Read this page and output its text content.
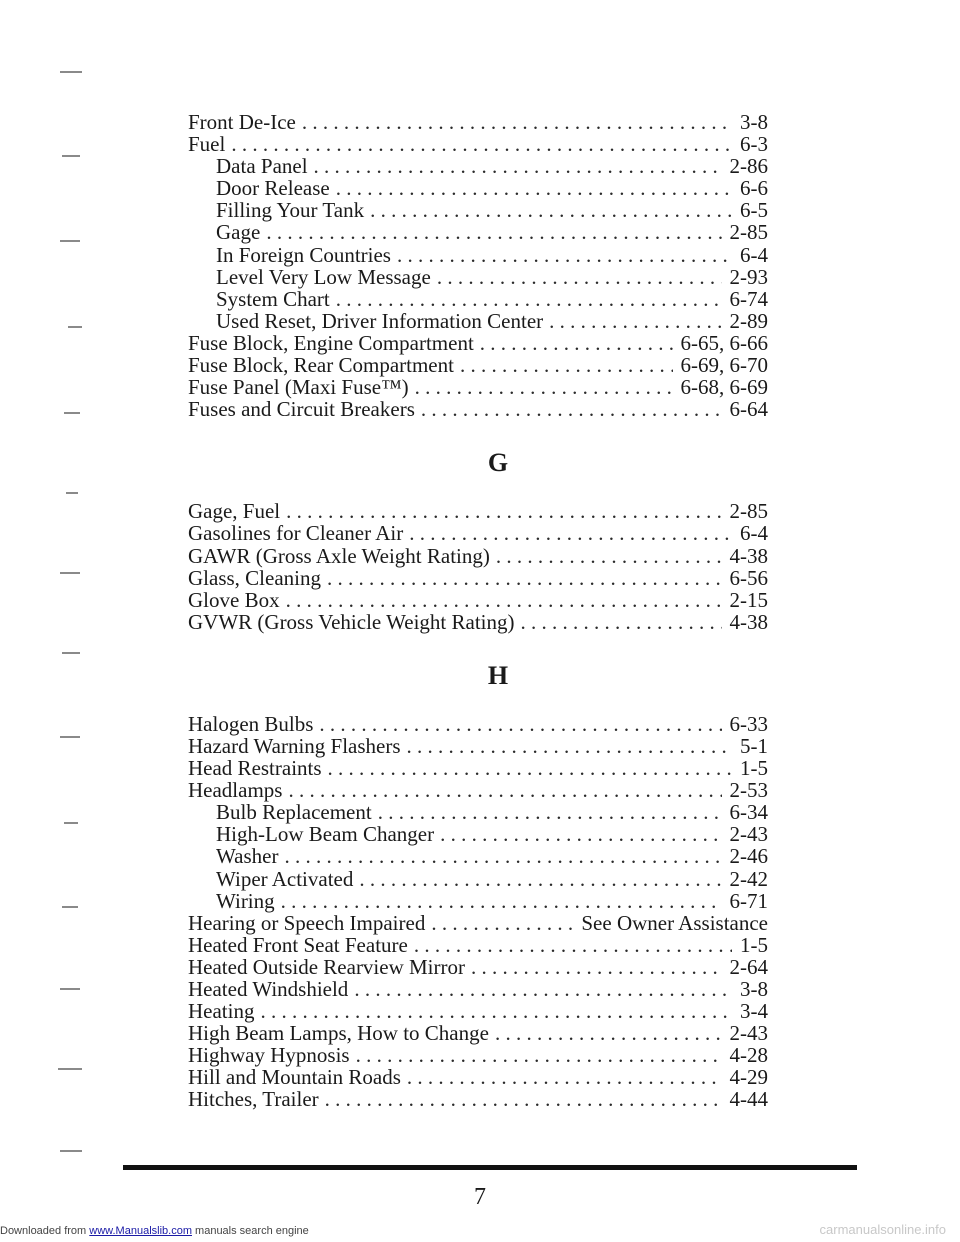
Front De-Ice . . .	3-8
Fuel . . .	6-3
Data Panel . . .	2-86
Door Release . . .	6-6
Filling Your Tank . . .	6-5
Gage . . .	2-85
In Foreign Countries . . .	6-4
Level Very Low Message . . .	2-93
System Chart . . .	6-74
Used Reset, Driver Information Center . . .	2-89
Fuse Block, Engine Compartment . . .	6-65, 6-66
Fuse Block, Rear Compartment . . .	6-69, 6-70
Fuse Panel (Maxi Fuse™) . . .	6-68, 6-69
Fuses and Circuit Breakers . . .	6-64
G
Gage, Fuel . . .	2-85
Gasolines for Cleaner Air . . .	6-4
GAWR (Gross Axle Weight Rating) . . .	4-38
Glass, Cleaning . . .	6-56
Glove Box . . .	2-15
GVWR (Gross Vehicle Weight Rating) . . .	4-38
H
Halogen Bulbs . . .	6-33
Hazard Warning Flashers . . .	5-1
Head Restraints . . .	1-5
Headlamps . . .	2-53
Bulb Replacement . . .	6-34
High-Low Beam Changer . . .	2-43
Washer . . .	2-46
Wiper Activated . . .	2-42
Wiring . . .	6-71
Hearing or Speech Impaired . . .	See Owner Assistance
Heated Front Seat Feature . . .	1-5
Heated Outside Rearview Mirror . . .	2-64
Heated Windshield . . .	3-8
Heating . . .	3-4
High Beam Lamps, How to Change . . .	2-43
Highway Hypnosis . . .	4-28
Hill and Mountain Roads . . .	4-29
Hitches, Trailer . . .	4-44
7
Downloaded from www.Manualslib.com manuals search engine	carmanualsonline.info
